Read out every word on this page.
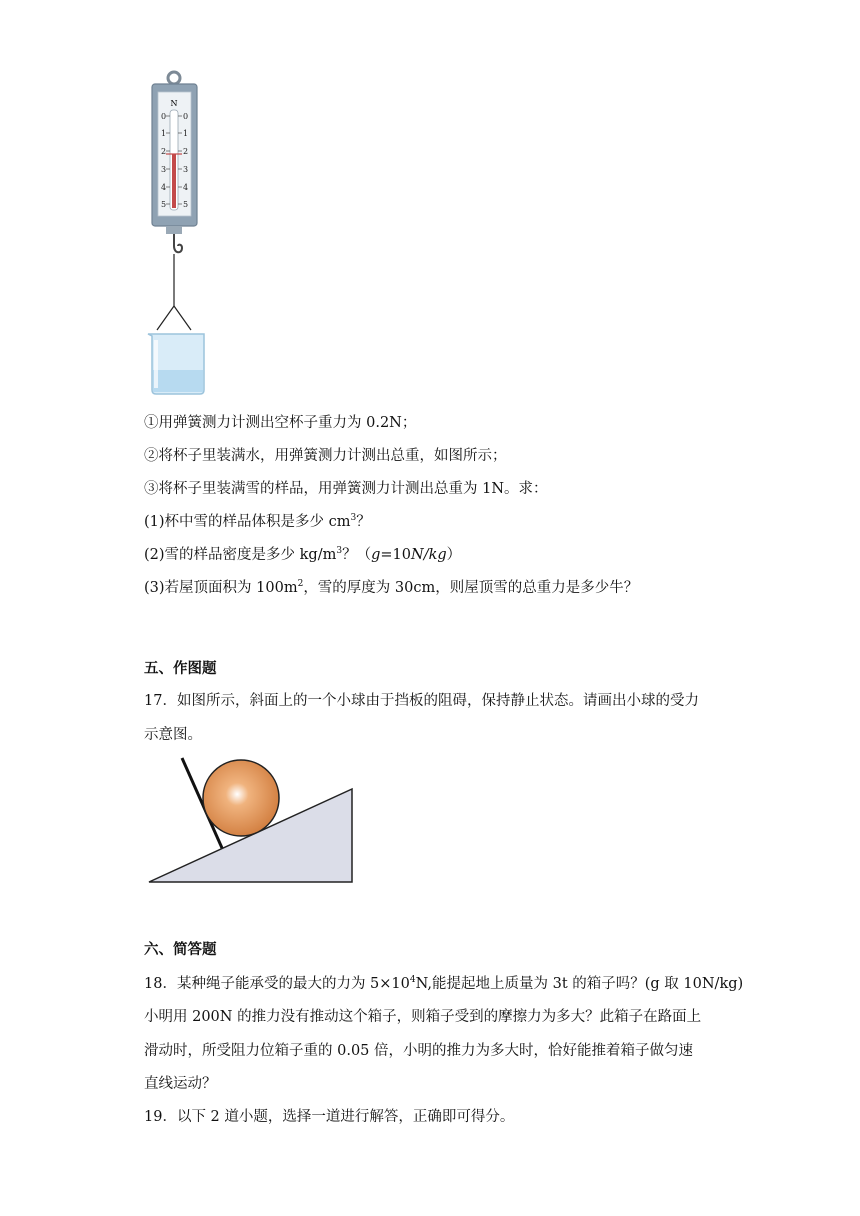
N
0
1
2
3
4
5
0
1
2
3
4
5
①用弹簧测力计测出空杯子重力为 0.2N；
②将杯子里装满水，用弹簧测力计测出总重，如图所示；
③将杯子里装满雪的样品，用弹簧测力计测出总重为 1N。求：
(1)杯中雪的样品体积是多少 $cm^3$？
(2)雪的样品密度是多少 $kg/m^3$？（g=10N/kg）
(3)若屋顶面积为 $100m^2$，雪的厚度为 30cm，则屋顶雪的总重力是多少牛？
五、作图题
17．如图所示，斜面上的一个小球由于挡板的阻碍，保持静止状态。请画出小球的受力
示意图。
六、简答题
18．某种绳子能承受的最大的力为 $5\times 10^4N$,能提起地上质量为 3t 的箱子吗？(g 取 10N/kg)
小明用 200N 的推力没有推动这个箱子，则箱子受到的摩擦力为多大？此箱子在路面上
滑动时，所受阻力位箱子重的 0.05 倍，小明的推力为多大时，恰好能推着箱子做匀速
直线运动？
19．以下 2 道小题，选择一道进行解答，正确即可得分。
